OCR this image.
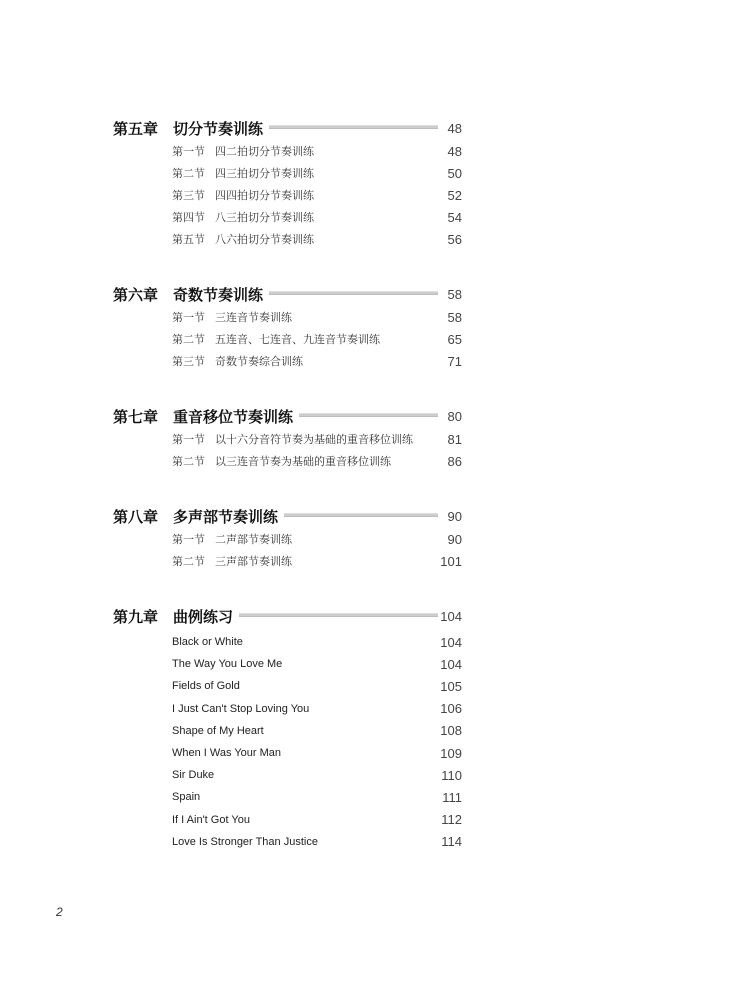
第五章 切分节奏训练	48
第一节 四二拍切分节奏训练	48
第二节 四三拍切分节奏训练	50
第三节 四四拍切分节奏训练	52
第四节 八三拍切分节奏训练	54
第五节 八六拍切分节奏训练	56
第六章 奇数节奏训练	58
第一节 三连音节奏训练	58
第二节 五连音、七连音、九连音节奏训练	65
第三节 奇数节奏综合训练	71
第七章 重音移位节奏训练	80
第一节 以十六分音符节奏为基础的重音移位训练	81
第二节 以三连音节奏为基础的重音移位训练	86
第八章 多声部节奏训练	90
第一节 二声部节奏训练	90
第二节 三声部节奏训练	101
第九章 曲例练习	104
Black or White	104
The Way You Love Me	104
Fields of Gold	105
I Just Can't Stop Loving You	106
Shape of My Heart	108
When I Was Your Man	109
Sir Duke	110
Spain	111
If I Ain't Got You	112
Love Is Stronger Than Justice	114
2
